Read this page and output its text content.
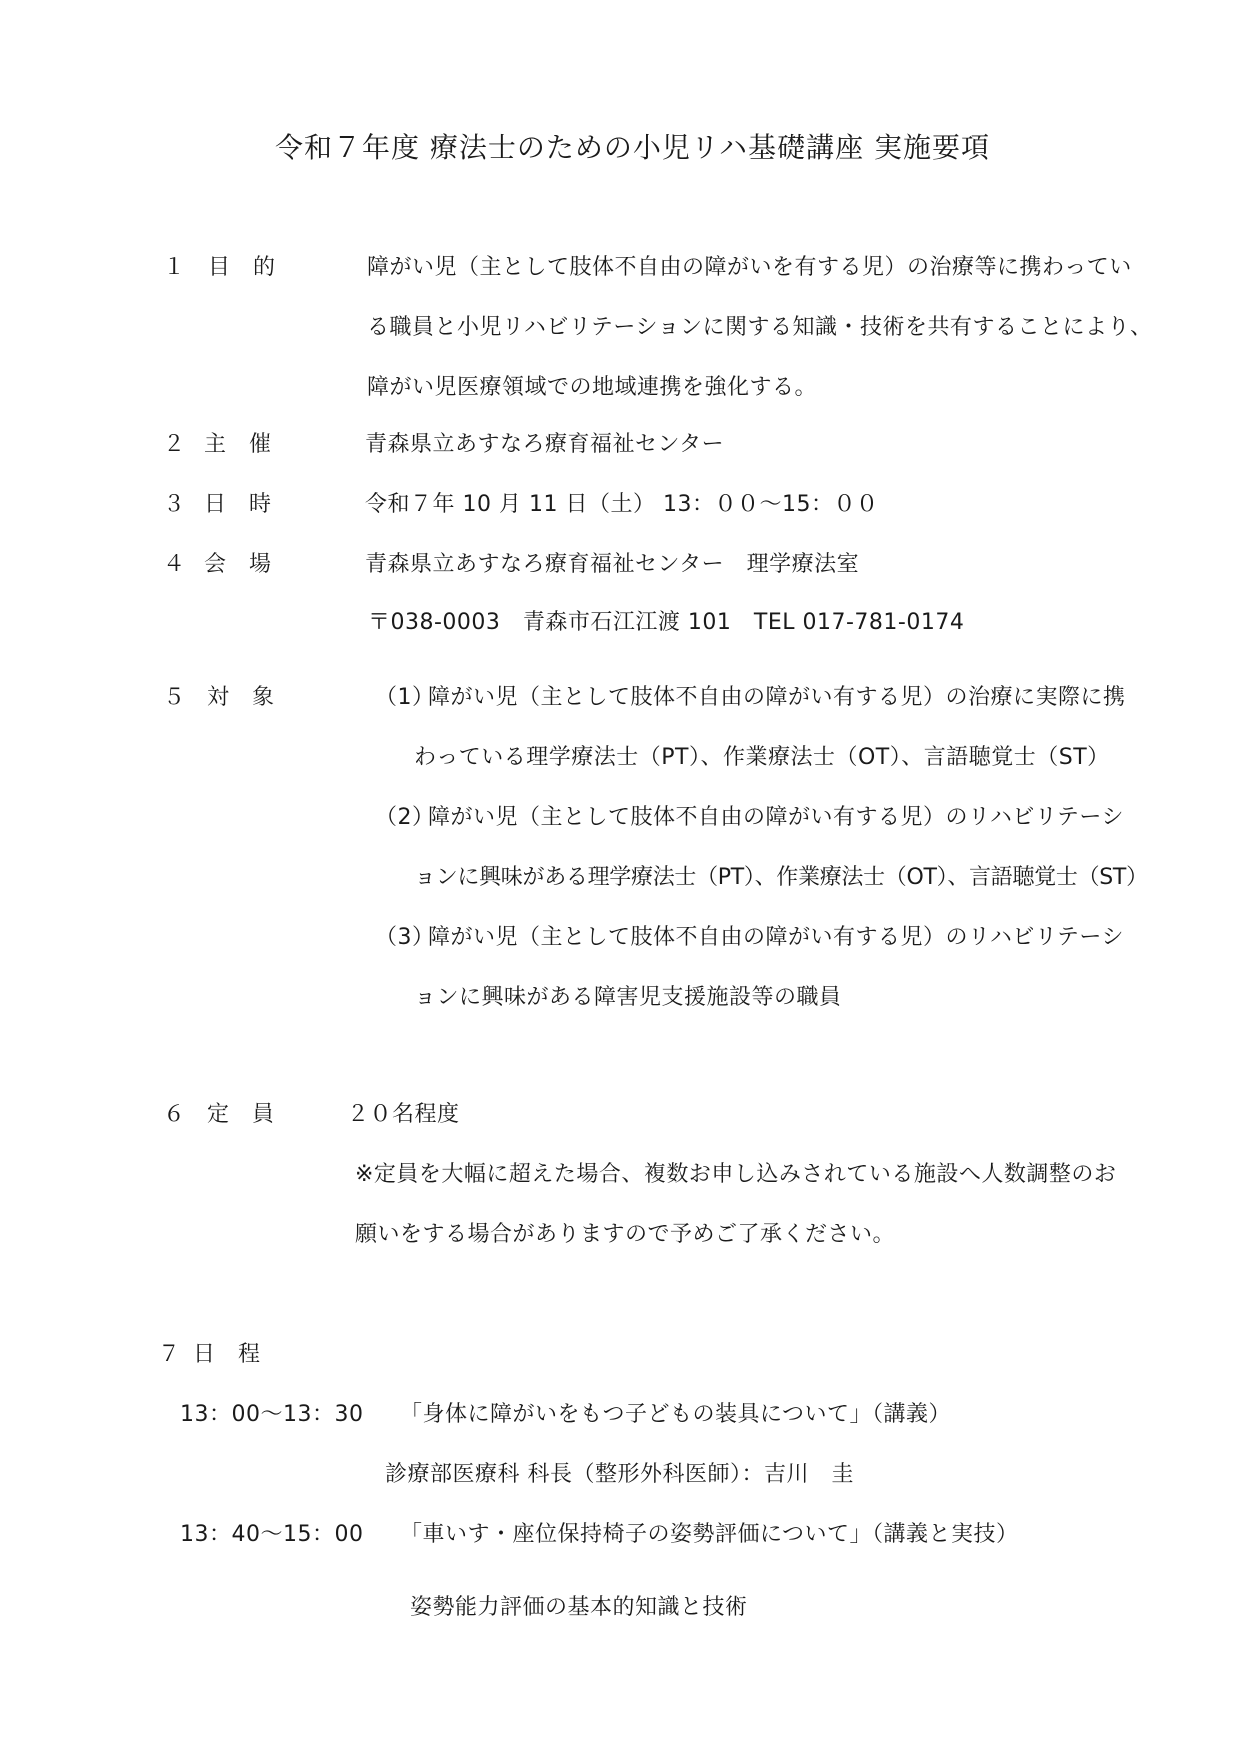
令和７年度 療法士のための小児リハ基礎講座 実施要項
１ 目　的	障がい児（主として肢体不自由の障がいを有する児）の治療等に携わってい
る職員と小児リハビリテーションに関する知識・技術を共有することにより、
障がい児医療領域での地域連携を強化する。
２ 主　催	青森県立あすなろ療育福祉センター
３ 日　時	令和７年 10 月 11 日（土） 13：００～15：００
４ 会　場	青森県立あすなろ療育福祉センター　理学療法室
〒038-0003　青森市石江江渡 101　TEL 017-781-0174
５ 対　象	（1）
障がい児（主として肢体不自由の障がい有する児）の治療に実際に携
わっている理学療法士（PT）、作業療法士（OT）、言語聴覚士（ST）
（2）
障がい児（主として肢体不自由の障がい有する児）のリハビリテーシ
ョンに興味がある理学療法士（PT）、作業療法士（OT）、言語聴覚士（ST）
（3）
障がい児（主として肢体不自由の障がい有する児）のリハビリテーシ
ョンに興味がある障害児支援施設等の職員
６ 定　員	２０名程度
※定員を大幅に超えた場合、複数お申し込みされている施設へ人数調整のお
願いをする場合がありますので予めご了承ください。
７ 日　程
13：00～13：30 「身体に障がいをもつ子どもの装具について」（講義）
診療部医療科 科長（整形外科医師）：吉川　圭
13：40～15：00 「車いす・座位保持椅子の姿勢評価について」（講義と実技）
姿勢能力評価の基本的知識と技術
